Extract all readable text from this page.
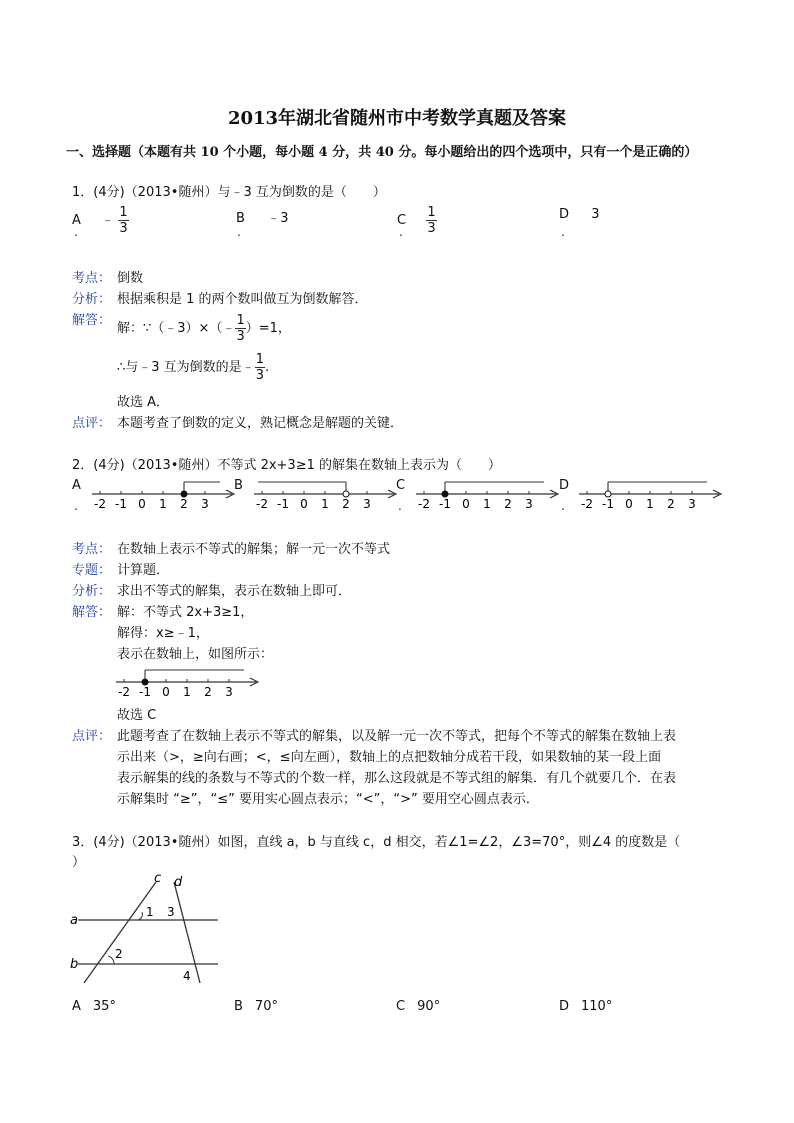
2013年湖北省随州市中考数学真题及答案
一、选择题（本题有共 10 个小题，每小题 4 分，共 40 分。每小题给出的四个选项中，只有一个是正确的）
1．(4分)（2013•随州）与﹣3 互为倒数的是（　　）
A ﹣ $\frac{1}{3}$
.
B ﹣3
.
C $\frac{1}{3}$
.
D 3
.
考点： 倒数
分析： 根据乘积是 1 的两个数叫做互为倒数解答．
解答：
解：∵（﹣3）×（﹣ $\frac{1}{3} )=1$，
∴与﹣3 互为倒数的是﹣ $\frac{1}{3}$ .
故选 A．
点评： 本题考查了倒数的定义，熟记概念是解题的关键．
2．(4分)（2013•随州）不等式 2x+3≥1 的解集在数轴上表示为（　　）
A
.
B	C
.
D
.
-2 -1 0 1 2 3	-2 -1 0 1 2 3	-2 -1 0 1 2 3	-2 -1 0 1 2 3
考点： 在数轴上表示不等式的解集；解一元一次不等式
专题： 计算题．
分析： 求出不等式的解集，表示在数轴上即可．
解答： 解：不等式 2x+3≥1，
解得：x≥﹣1，
表示在数轴上，如图所示：
-2 -1 0 1 2 3
故选 C
点评： 此题考查了在数轴上表示不等式的解集，以及解一元一次不等式，把每个不等式的解集在数轴上表
示出来（>，≥向右画；<，≤向左画），数轴上的点把数轴分成若干段，如果数轴的某一段上面
表示解集的线的条数与不等式的个数一样，那么这段就是不等式组的解集．有几个就要几个．在表
示解集时 “≥”，“≤” 要用实心圆点表示；“<”，“>” 要用空心圆点表示．
3．(4分)（2013•随州）如图，直线 a，b 与直线 c，d 相交，若∠1=∠2，∠3=70°，则∠4 的度数是（
）
a
b
c d
1 3
2
4
A 35°	B 70°	C 90°	D 110°
